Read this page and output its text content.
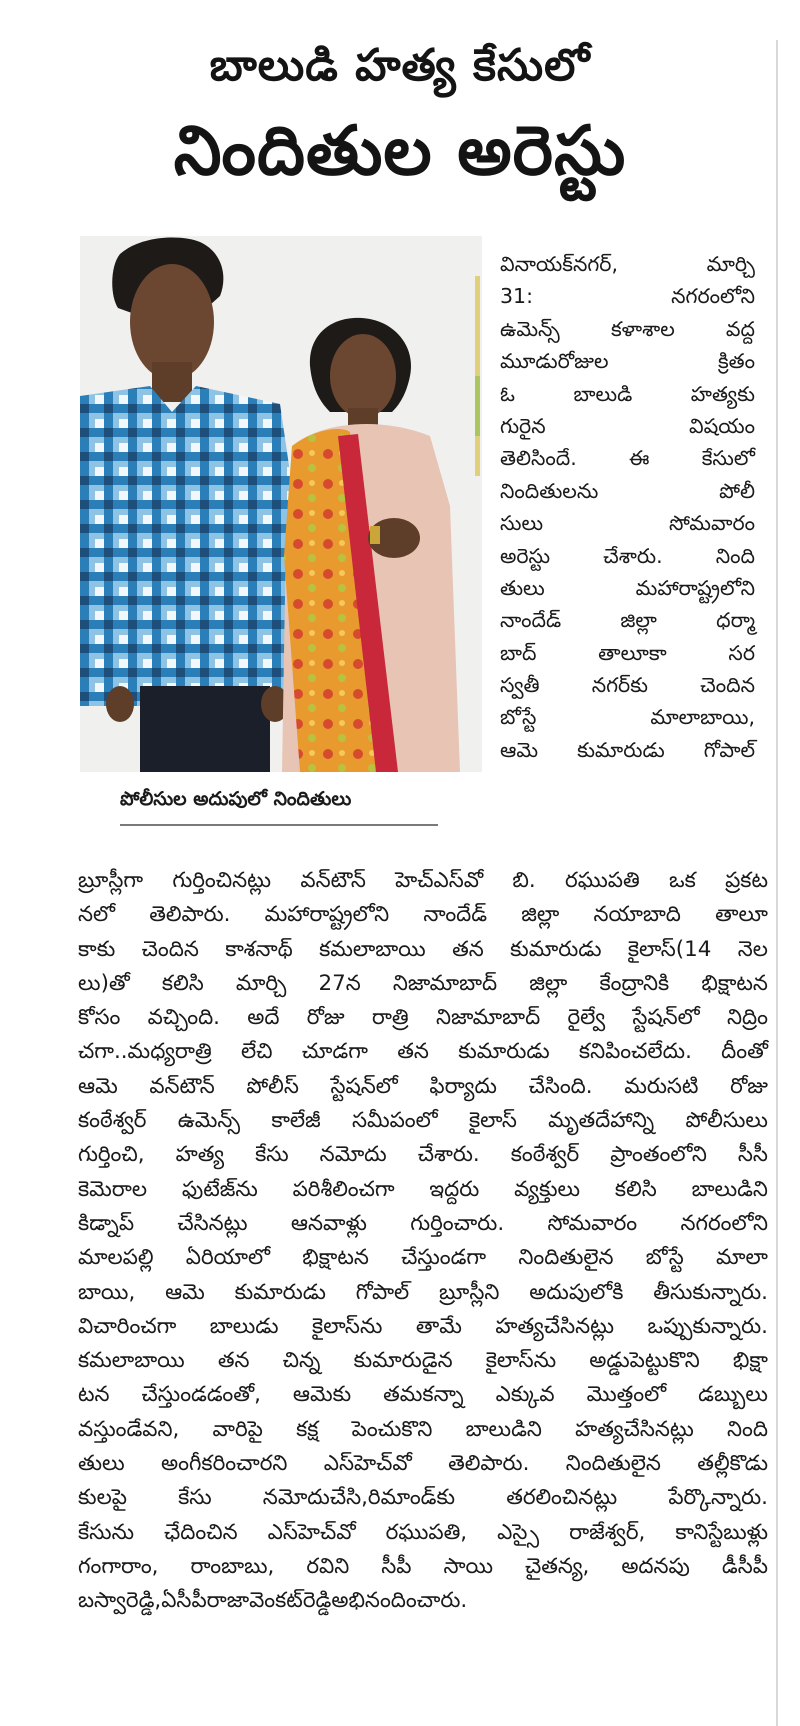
బాలుడి హత్య కేసులో
నిందితుల అరెస్టు
పోలీసుల అదుపులో నిందితులు
వినాయక్‌నగర్,	మార్చి
31:	నగరంలోని
ఉమెన్స్ కళాశాల వద్ద
మూడురోజుల	క్రితం
ఓ	బాలుడి	హత్యకు
గురైన	విషయం
తెలిసిందే.	ఈ	కేసులో
నిందితులను	పోలీ
సులు	సోమవారం
అరెస్టు	చేశారు.	నింది
తులు	మహారాష్ట్రలోని
నాందేడ్	జిల్లా	ధర్మా
బాద్	తాలూకా	సర
స్వతీ	నగర్‌కు	చెందిన
బోస్టే	మాలాబాయి,
ఆమె కుమారుడు గోపాల్
బ్రూస్లీగా గుర్తించినట్లు వన్‌టౌన్ హెచ్‌ఎస్‌వో బి. రఘుపతి ఒక ప్రకట
నలో తెలిపారు. మహారాష్ట్రలోని నాందేడ్ జిల్లా నయాబాది తాలూ
కాకు చెందిన కాశనాథ్ కమలాబాయి తన కుమారుడు కైలాస్(14 నెల
లు)తో కలిసి మార్చి 27న నిజామాబాద్ జిల్లా కేంద్రానికి భిక్షాటన
కోసం వచ్చింది. అదే రోజు రాత్రి నిజామాబాద్ రైల్వే స్టేషన్‌లో నిద్రిం
చగా..మధ్యరాత్రి లేచి చూడగా తన కుమారుడు కనిపించలేదు. దీంతో
ఆమె వన్‌టౌన్ పోలీస్ స్టేషన్‌లో ఫిర్యాదు చేసింది. మరుసటి రోజు
కంఠేశ్వర్ ఉమెన్స్ కాలేజీ సమీపంలో కైలాస్ మృతదేహాన్ని పోలీసులు
గుర్తించి, హత్య కేసు నమోదు చేశారు. కంఠేశ్వర్ ప్రాంతంలోని సీసీ
కెమెరాల ఫుటేజ్‌ను పరిశీలించగా ఇద్దరు వ్యక్తులు కలిసి బాలుడిని
కిడ్నాప్ చేసినట్లు ఆనవాళ్లు గుర్తించారు. సోమవారం నగరంలోని
మాలపల్లి ఏరియాలో భిక్షాటన చేస్తుండగా నిందితులైన బోస్టే మాలా
బాయి, ఆమె కుమారుడు గోపాల్ బ్రూస్లీని అదుపులోకి తీసుకున్నారు.
విచారించగా బాలుడు కైలాస్‌ను తామే హత్యచేసినట్లు ఒప్పుకున్నారు.
కమలాబాయి తన చిన్న కుమారుడైన కైలాస్‌ను అడ్డుపెట్టుకొని భిక్షా
టన చేస్తుండడంతో, ఆమెకు తమకన్నా ఎక్కువ మొత్తంలో డబ్బులు
వస్తుండేవని, వారిపై కక్ష పెంచుకొని బాలుడిని హత్యచేసినట్లు నింది
తులు అంగీకరించారని ఎస్‌హెచ్‌వో తెలిపారు. నిందితులైన తల్లీకొడు
కులపై కేసు నమోదుచేసి,రిమాండ్‌కు తరలించినట్లు పేర్కొన్నారు.
కేసును ఛేదించిన ఎస్‌హెచ్‌వో రఘుపతి, ఎస్సై రాజేశ్వర్, కానిస్టేబుళ్లు
గంగారాం, రాంబాబు, రవిని సీపీ సాయి చైతన్య, అదనపు డీసీపీ
బస్వారెడ్డి, ఏసీపీ రాజా వెంకట్ రెడ్డి అభినందించారు.
